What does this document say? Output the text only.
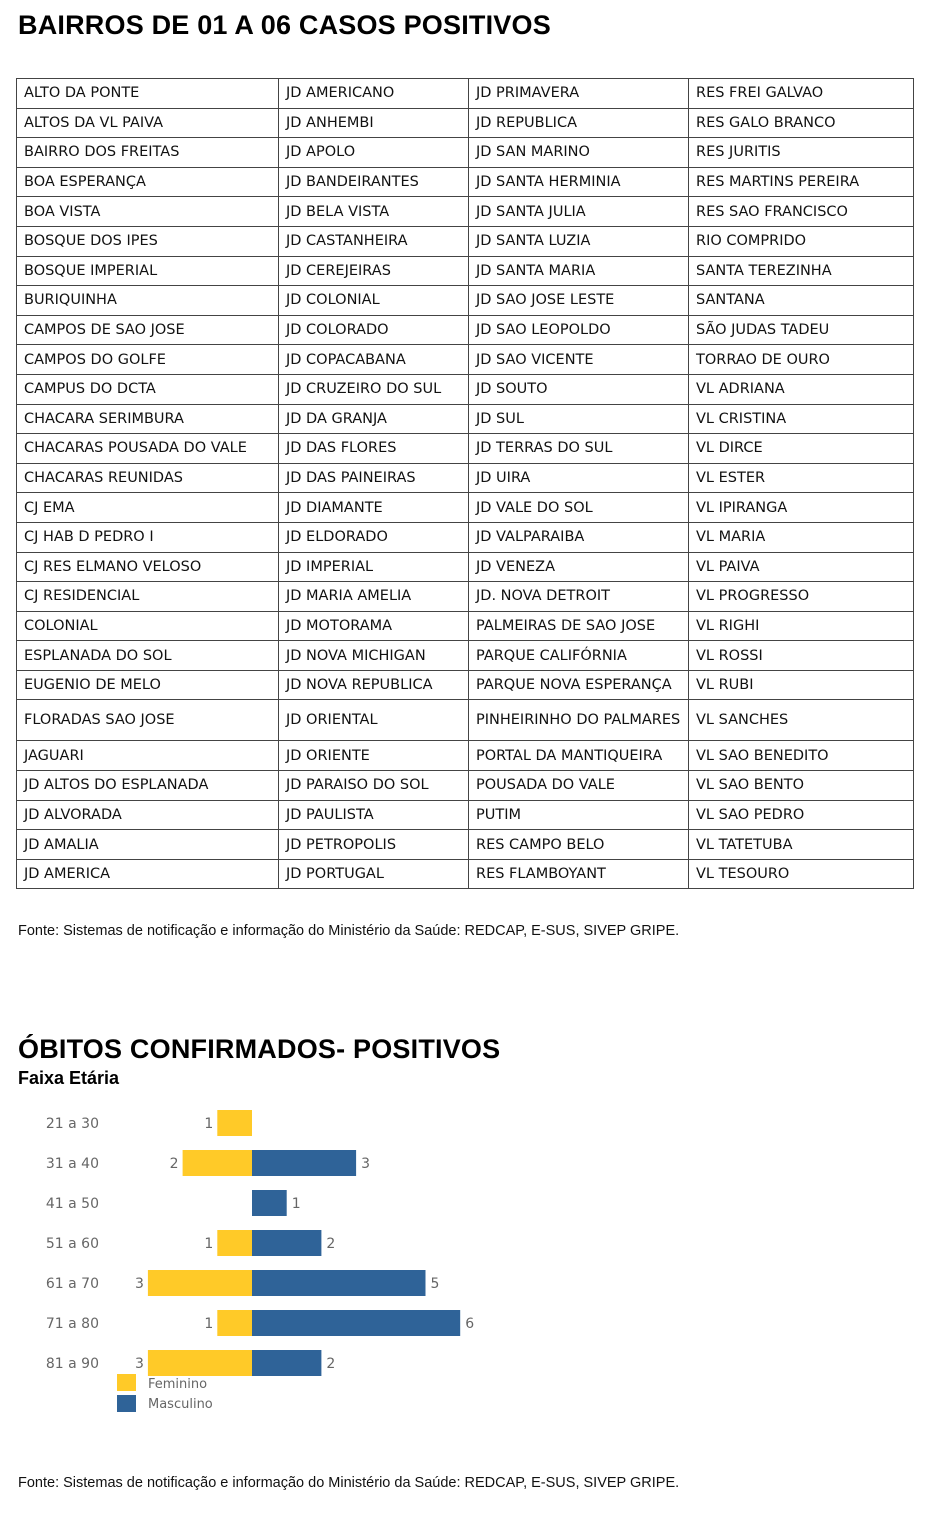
BAIRROS DE 01 A 06 CASOS POSITIVOS
ALTO DA PONTE	JD AMERICANO	JD PRIMAVERA	RES FREI GALVAO
ALTOS DA VL PAIVA	JD ANHEMBI	JD REPUBLICA	RES GALO BRANCO
BAIRRO DOS FREITAS	JD APOLO	JD SAN MARINO	RES JURITIS
BOA ESPERANÇA	JD BANDEIRANTES	JD SANTA HERMINIA	RES MARTINS PEREIRA
BOA VISTA	JD BELA VISTA	JD SANTA JULIA	RES SAO FRANCISCO
BOSQUE DOS IPES	JD CASTANHEIRA	JD SANTA LUZIA	RIO COMPRIDO
BOSQUE IMPERIAL	JD CEREJEIRAS	JD SANTA MARIA	SANTA TEREZINHA
BURIQUINHA	JD COLONIAL	JD SAO JOSE LESTE	SANTANA
CAMPOS DE SAO JOSE	JD COLORADO	JD SAO LEOPOLDO	SÃO JUDAS TADEU
CAMPOS DO GOLFE	JD COPACABANA	JD SAO VICENTE	TORRAO DE OURO
CAMPUS DO DCTA	JD CRUZEIRO DO SUL	JD SOUTO	VL ADRIANA
CHACARA SERIMBURA	JD DA GRANJA	JD SUL	VL CRISTINA
CHACARAS POUSADA DO VALE	JD DAS FLORES	JD TERRAS DO SUL	VL DIRCE
CHACARAS REUNIDAS	JD DAS PAINEIRAS	JD UIRA	VL ESTER
CJ EMA	JD DIAMANTE	JD VALE DO SOL	VL IPIRANGA
CJ HAB D PEDRO I	JD ELDORADO	JD VALPARAIBA	VL MARIA
CJ RES ELMANO VELOSO	JD IMPERIAL	JD VENEZA	VL PAIVA
CJ RESIDENCIAL	JD MARIA AMELIA	JD. NOVA DETROIT	VL PROGRESSO
COLONIAL	JD MOTORAMA	PALMEIRAS DE SAO JOSE	VL RIGHI
ESPLANADA DO SOL	JD NOVA MICHIGAN	PARQUE CALIFÓRNIA	VL ROSSI
EUGENIO DE MELO	JD NOVA REPUBLICA	PARQUE NOVA ESPERANÇA	VL RUBI
FLORADAS SAO JOSE	JD ORIENTAL	PINHEIRINHO DO PALMARES	VL SANCHES
JAGUARI	JD ORIENTE	PORTAL DA MANTIQUEIRA	VL SAO BENEDITO
JD ALTOS DO ESPLANADA	JD PARAISO DO SOL	POUSADA DO VALE	VL SAO BENTO
JD ALVORADA	JD PAULISTA	PUTIM	VL SAO PEDRO
JD AMALIA	JD PETROPOLIS	RES CAMPO BELO	VL TATETUBA
JD AMERICA	JD PORTUGAL	RES FLAMBOYANT	VL TESOURO
Fonte: Sistemas de notificação e informação do Ministério da Saúde: REDCAP, E-SUS, SIVEP GRIPE.
ÓBITOS CONFIRMADOS- POSITIVOS
Faixa Etária
21 a 30	1
31 a 40	2	3
41 a 50	1
51 a 60	1	2
61 a 70	3	5
71 a 80	1	6
81 a 90	3	2
Feminino
Masculino
Fonte: Sistemas de notificação e informação do Ministério da Saúde: REDCAP, E-SUS, SIVEP GRIPE.
